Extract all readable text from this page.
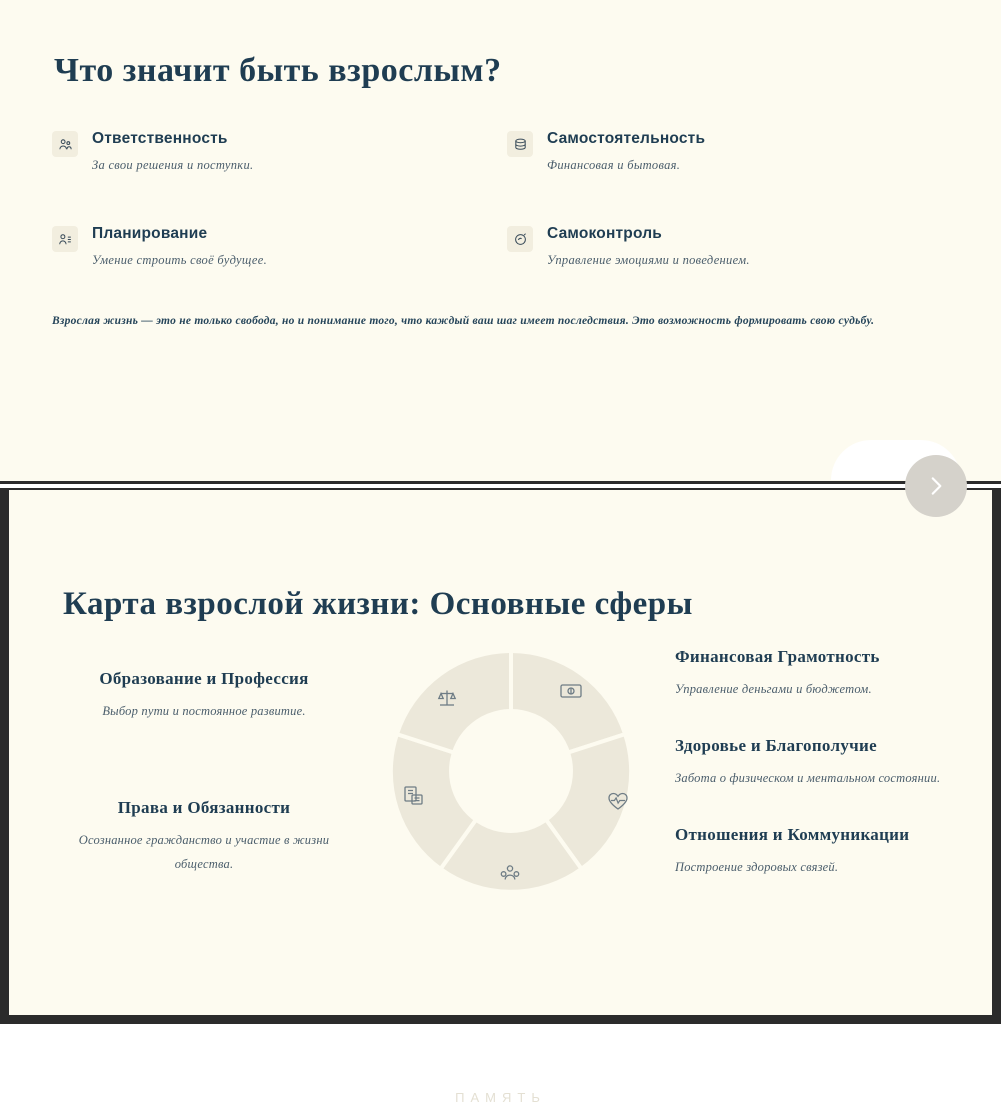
Что значит быть взрослым?
Ответственность
За свои решения и поступки.
Самостоятельность
Финансовая и бытовая.
Планирование
Умение строить своё будущее.
Самоконтроль
Управление эмоциями и поведением.

Взрослая жизнь — это не только свобода, но и понимание того, что каждый ваш шаг имеет последствия. Это возможность формировать свою судьбу.

Карта взрослой жизни: Основные сферы
Образование и Профессия
Выбор пути и постоянное развитие.
Права и Обязанности
Осознанное гражданство и участие в жизни общества.
Финансовая Грамотность
Управление деньгами и бюджетом.
Здоровье и Благополучие
Забота о физическом и ментальном состоянии.
Отношения и Коммуникации
Построение здоровых связей.
ПАМЯТЬ
